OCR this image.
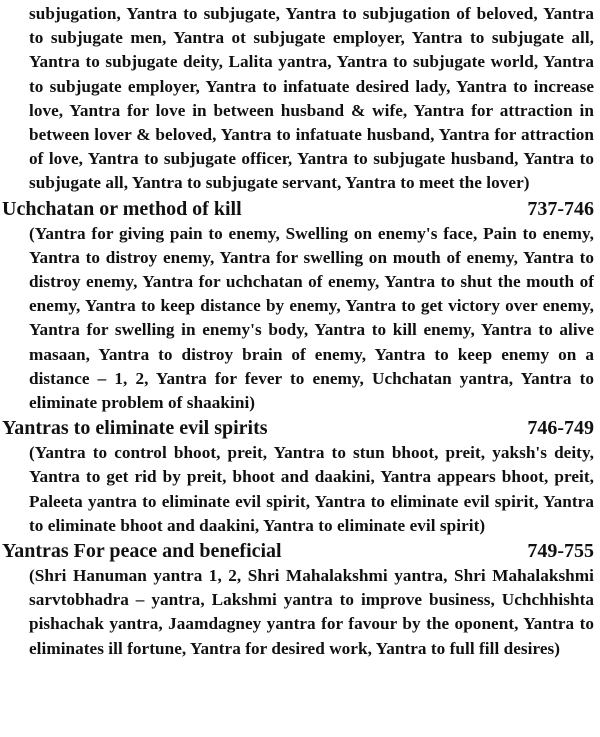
subjugation, Yantra to subjugate, Yantra to subjugation of beloved, Yantra to subjugate men, Yantra ot subjugate employer, Yantra to subjugate all, Yantra to subjugate deity, Lalita yantra, Yantra to subjugate world, Yantra to subjugate employer, Yantra to infatuate desired lady, Yantra to increase love, Yantra for love in between husband & wife, Yantra for attraction in between lover & beloved, Yantra to infatuate husband, Yantra for attraction of love, Yantra to subjugate officer, Yantra to subjugate husband, Yantra to subjugate all, Yantra to subjugate servant, Yantra to meet the lover)

Uchchatan or method of kill	737-746

(Yantra for giving pain to enemy, Swelling on enemy's face, Pain to enemy, Yantra to distroy enemy, Yantra for swelling on mouth of enemy, Yantra to distroy enemy, Yantra for uchchatan of enemy, Yantra to shut the mouth of enemy, Yantra to keep distance by enemy, Yantra to get victory over enemy, Yantra for swelling in enemy's body, Yantra to kill enemy, Yantra to alive masaan, Yantra to distroy brain of enemy, Yantra to keep enemy on a distance – 1, 2, Yantra for fever to enemy, Uchchatan yantra, Yantra to eliminate problem of shaakini)

Yantras to eliminate evil spirits	746-749

(Yantra to control bhoot, preit, Yantra to stun bhoot, preit, yaksh's deity, Yantra to get rid by preit, bhoot and daakini, Yantra appears bhoot, preit, Paleeta yantra to eliminate evil spirit, Yantra to eliminate evil spirit, Yantra to eliminate bhoot and daakini, Yantra to eliminate evil spirit)

Yantras For peace and beneficial	749-755

(Shri Hanuman yantra 1, 2, Shri Mahalakshmi yantra, Shri Mahalakshmi sarvtobhadra – yantra, Lakshmi yantra to improve business, Uchchhishta pishachak yantra, Jaamdagney yantra for favour by the oponent, Yantra to eliminates ill fortune, Yantra for desired work, Yantra to full fill desires)
